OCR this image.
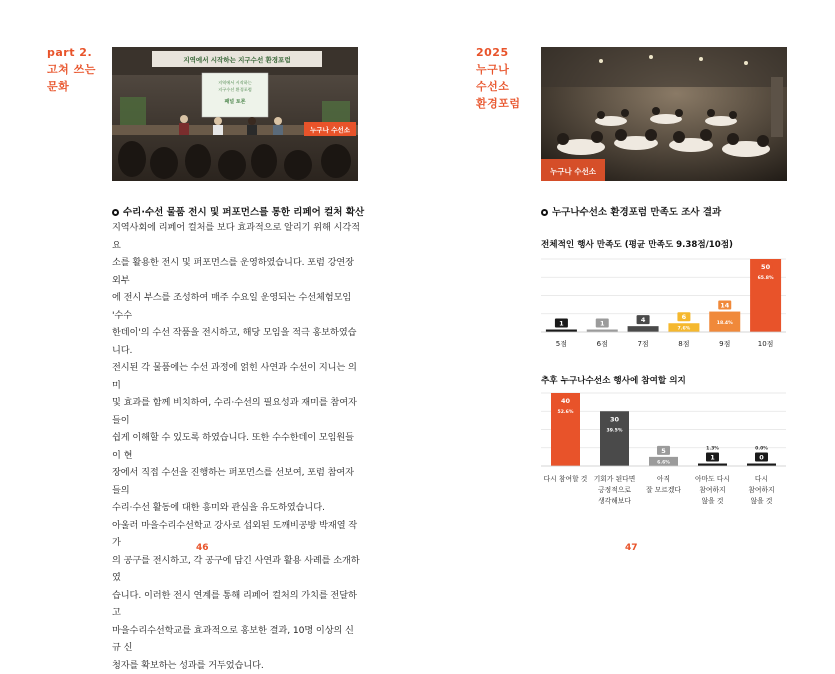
part 2.
고쳐 쓰는
문화
지역에서 시작하는 지구수선 환경포럼
지역에서 시작하는
지구수선 환경포럼
패널 토론
누구나 수선소
수리·수선 물품 전시 및 퍼포먼스를 통한 리페어 컬처 확산

지역사회에 리페어 컬처를 보다 효과적으로 알리기 위해 시각적 요

소를 활용한 전시 및 퍼포먼스를 운영하였습니다. 포럼 강연장 외부

에 전시 부스를 조성하여 매주 수요일 운영되는 수선체험모임 '수수

한데이'의 수선 작품을 전시하고, 해당 모임을 적극 홍보하였습니다.

전시된 각 물품에는 수선 과정에 얽힌 사연과 수선이 지니는 의미

및 효과를 함께 비치하여, 수리·수선의 필요성과 재미를 참여자들이

쉽게 이해할 수 있도록 하였습니다. 또한 수수한데이 모임원들이 현

장에서 직접 수선을 진행하는 퍼포먼스를 선보여, 포럼 참여자들의

수리·수선 활동에 대한 흥미와 관심을 유도하였습니다.

아울러 마을수리수선학교 강사로 섭외된 도깨비공방 박재열 작가

의 공구를 전시하고, 각 공구에 담긴 사연과 활용 사례를 소개하였

습니다. 이러한 전시 연계를 통해 리페어 컬처의 가치를 전달하고

마을수리수선학교를 효과적으로 홍보한 결과, 10명 이상의 신규 신

청자를 확보하는 성과를 거두었습니다.

46
2025
누구나
수선소
환경포럼
누구나 수선소
누구나수선소 환경포럼 만족도 조사 결과
전체적인 행사 만족도 (평균 만족도 9.38점/10점)
1
5점
1
6점
4
7점
6
7.6%
8점
14
18.4%
9점
50
65.8%
10점
추후 누구나수선소 행사에 참여할 의지
40
52.6%
다시 참여할 것
30
39.5%
기회가 된다면
긍정적으로
생각해보다
5
6.6%
아직
잘 모르겠다
1
1.3%
아마도 다시
참여하지
않을 것
0
0.0%
다시
참여하지
않을 것
47
